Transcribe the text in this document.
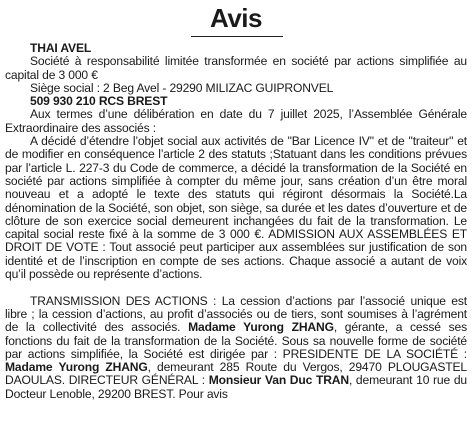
Avis

THAI AVEL

Société à responsabilité limitée transformée en société par actions simplifiée au capital de 3 000 €

Siège social : 2 Beg Avel - 29290 MILIZAC GUIPRONVEL

509 930 210 RCS BREST

Aux termes d’une délibération en date du 7 juillet 2025, l’Assemblée Générale Extraordinaire des associés :

A décidé d’étendre l’objet social aux activités de "Bar Licence IV" et de "traiteur" et de modifier en conséquence l’article 2 des statuts ;Statuant dans les conditions prévues par l’article L. 227-3 du Code de commerce, a décidé la transformation de la Société en société par actions simplifiée à compter du même jour, sans création d’un être moral nouveau et a adopté le texte des statuts qui régiront désormais la Société.La dénomination de la Société, son objet, son siège, sa durée et les dates d’ouverture et de clôture de son exercice social demeurent inchangées du fait de la transformation. Le capital social reste fixé à la somme de 3 000 €. ADMISSION AUX ASSEMBLÉES ET DROIT DE VOTE : Tout associé peut participer aux assemblées sur justification de son identité et de l’inscription en compte de ses actions. Chaque associé a autant de voix qu’il possède ou représente d’actions.

TRANSMISSION DES ACTIONS : La cession d’actions par l’associé unique est libre ; la cession d’actions, au profit d’associés ou de tiers, sont soumises à l’agrément de la collectivité des associés. Madame Yurong ZHANG, gérante, a cessé ses fonctions du fait de la transformation de la Société. Sous sa nouvelle forme de société par actions simplifiée, la Société est dirigée par : PRESIDENTE DE LA SOCIÉTÉ : Madame Yurong ZHANG, demeurant 285 Route du Vergos, 29470 PLOUGASTEL DAOULAS. DIRECTEUR GÉNÉRAL : Monsieur Van Duc TRAN, demeurant 10 rue du Docteur Lenoble, 29200 BREST. Pour avis
